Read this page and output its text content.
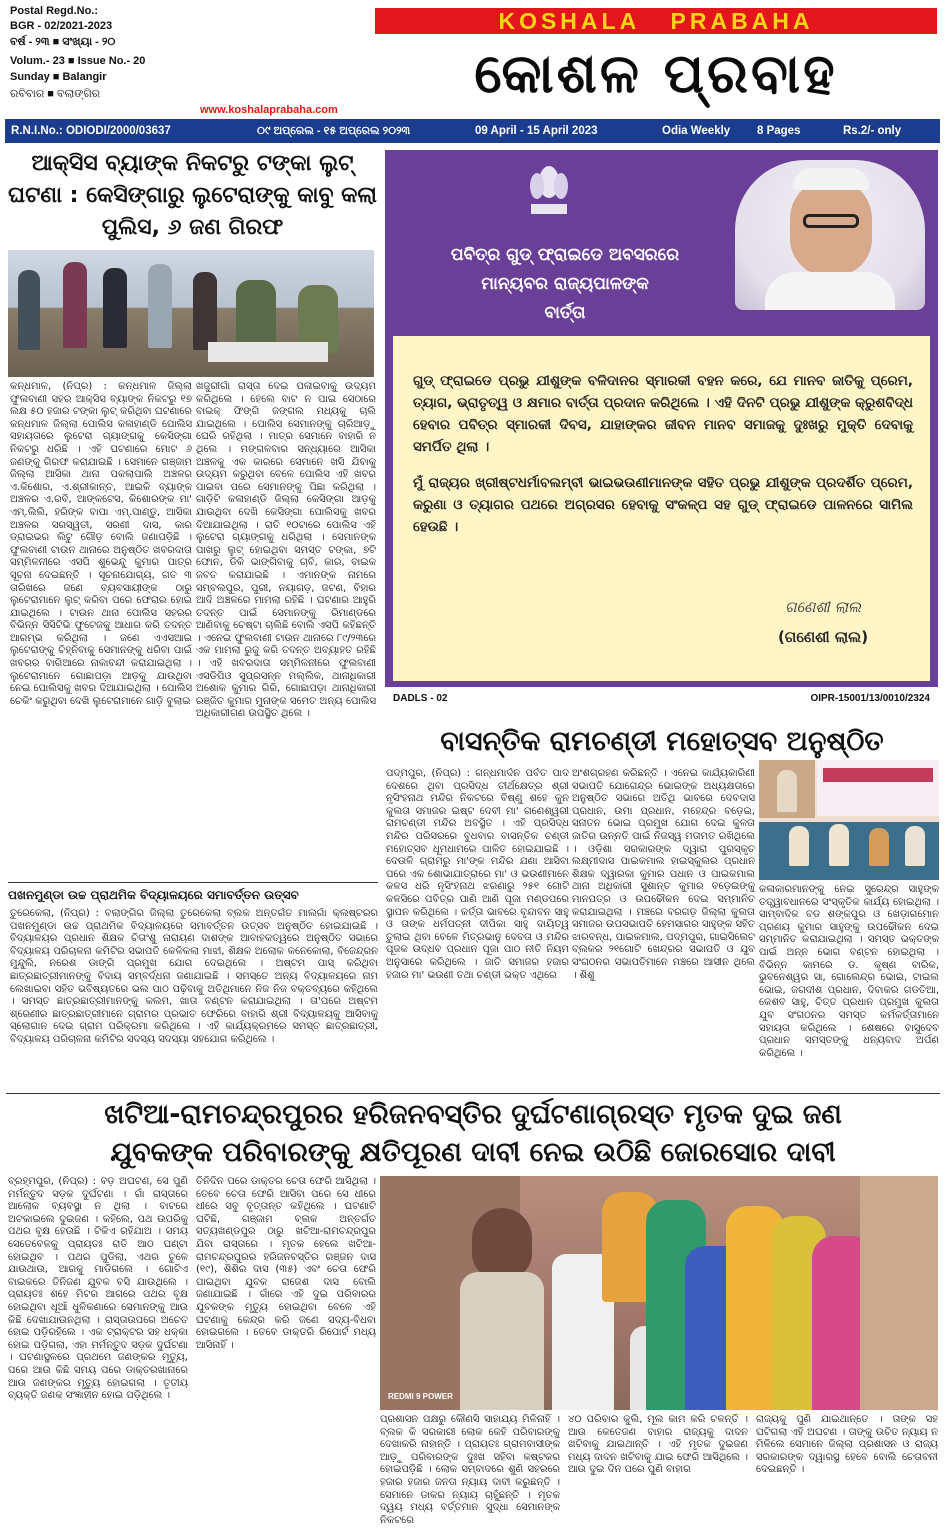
Postal Regd.No.:
BGR - 02/2021-2023
ବର୍ଷ - ୨୩ ■ ସଂଖ୍ୟା - ୨୦
Volum.- 23 ■ Issue No.- 20
Sunday ■ Balangir
ରବିବାର ■ ବଲାଙ୍ଗିର
www.koshalaprabaha.com
KOSHALA   PRABAHA
କୋଶଳ ପ୍ରବାହ
R.N.I.No.: ODIODI/2000/03637	୦୯ ଅପ୍ରେଲ - ୧୫ ଅପ୍ରେଲ ୨୦୨୩	09 April - 15 April 2023	Odia Weekly 8 Pages	Rs.2/- only
ଆକ୍ସିସ ବ୍ୟାଙ୍କ ନିକଟରୁ ଟଙ୍କା ଲୁଟ୍ ଘଟଣା : କେସିଙ୍ଗାରୁ ଲୁଟେରାଙ୍କୁ କାବୁ କଲା ପୁଲିସ, ୬ ଜଣ ଗିରଫ
କନ୍ଧମାଳ, (ନିପ୍ର) : କନ୍ଧମାଳ ଜିଲ୍ଲା ଫୁଲବାଣୀ ସହର ଆକ୍ସିସ ବ୍ୟାଙ୍କ ନିକଟରୁ ୧୭ ଲକ୍ଷ ୫୦ ହଜାର ଟଙ୍କା ଲୁଟ୍ କରିଥିବା ଘଟଣାରେ କନ୍ଧମାଳ ଜିଲ୍ଲା ପୋଲିସ କଳାହାଣ୍ଡି ପୋଲିସ ସହାୟତାରେ ଲୁଟେରା ଗ୍ୟାଙ୍ଗକୁ କେସିଙ୍ଗା ନିକଟରୁ ଧରିଛି । ଏହି ଘଟଣାରେ ମୋଟ ୬ ଜଣଙ୍କୁ ଗିରଫ କରାଯାଇଛି । ସେମାନେ ଗଞ୍ଜାମ ଜିଲ୍ଲା ଆସିକା ଥାନା ପକଲାପାଲି ଅଞ୍ଚଳର ଏ.କିଶୋର, ଏ.ଶ୍ରୀକାନ୍ତ, ଆଇକି ବ୍ୟାଙ୍କ ଅଞ୍ଚଳର ଏ.ରବି, ଆଙ୍କଟେସ, କିଶୋରଙ୍କ ମା' ଏମ୍.ଲିଲି, ହରିଙ୍କ ବାପା ଏମ୍.ପାଣ୍ଡୁ, ଆସିକା ଅଞ୍ଚଳର ସରସ୍ୱତୀ, ସରଣୀ ଦାସ, କାର ଡ୍ରାଇଭର ଲିଟୁ ଗୌଡ଼ ବୋଲି ଜଣାପଡ଼ିଛି । ଫୁଲବାଣୀ ଟାଉନ ଥାନାରେ ଅନୁଷ୍ଠିତ ଖବରଦାତା ସମ୍ମିଳନୀରେ ଏସପି ଶୁଭେନ୍ଦୁ କୁମାର ପାତ୍ର ସୂଚନା ଦେଇଛନ୍ତି । ସୂଚନାଯୋଗ୍ୟ, ଗତ ୩ ତାରିଖରେ ଜଣେ ବ୍ୟବସାୟୀଙ୍କ ଠାରୁ ଲୁଟେରାମାନେ ଲୁଟ୍ କରିବା ପରେ ଫେରାର ହୋଇ ଯାଇଥିଲେ । ଟାଉନ ଥାନା ପୋଲିସ ସହରର ବିଭିନ୍ନ ସିସିଟିଭି ଫୁଟେଜକୁ ଆଧାର କରି ତଦନ୍ତ ଆରମ୍ଭ କରିଥିଲା । ଜଣେ ଏଏସଆଇ ଲୁଟେରାଙ୍କୁ ଚିହ୍ନିବାକୁ ସେମାନଙ୍କୁ ଧରିବା ପାଇଁ ଖବରର ବାଗିଆରେ ନାକାବନ୍ଦୀ କରାଯାଇଥିଲା । ଲୁଟେରାମାନେ ଗୋଛାପଡ଼ା ଆଡ଼କୁ ଯାଉଥିବା ନେଇ ପୋଲିସକୁ ଖବର ଦିଆଯାଇଥିଲା । ପୋଲିସ ଚେକିଂ କରୁଥିବା ଦେଖି ଲୁଟେରାମାନେ ଗାଡ଼ି ବୁଲାଇ
ଖଜୁରୀଗାଁ ରାସ୍ତା ଦେଇ ପଳାଇବାକୁ ଉଦ୍ୟମ କରିଥିଲେ । ହେଲେ ବାଟ ନ ପାଇ ସେଠାରେ ବାଇକ୍ ଫିଙ୍ଗି ଜଙ୍ଗଲ ମଧ୍ୟକୁ ଚାଲି ଯାଇଥିଲେ । ପୋଲିସ ସେମାନଙ୍କୁ ଚାରିଆଡ଼ୁ ଘେରି ରହିଥିଲା । ମାତ୍ର ସେମାନେ ବାହାରି ନ ଥିଲେ । ମଙ୍ଗଳବାର ସନ୍ଧ୍ୟାରେ ଆସିକା ଅଞ୍ଚଳକୁ ଏକ କାରରେ ସେମାନେ ଖସି ଯିବାକୁ ଉଦ୍ୟମ କରୁଥିବା ବେଳେ ପୋଲିସ ଏହି ଖବର ପାଇବା ପରେ ସେମାନଙ୍କୁ ପିଛା କରିଥିଲା । ଗାଡ଼ିଟି କଳାହାଣ୍ଡି ଜିଲ୍ଲା କେସିଙ୍ଗା ଆଡ଼କୁ ଯାଉଥିବା ଦେଖି କେସିଙ୍ଗା ପୋଲିସକୁ ଖବର ଦିଆଯାଇଥିଲା । ରାତି ୧୦ଟାରେ ପୋଲିସ ଏହି ଲୁଟେରା ଗ୍ୟାଙ୍ଗକୁ ଧରିଥିଲା । ସେମାନଙ୍କ ପାଖରୁ ଲୁଟ୍ ହୋଇଥିବା ସମସ୍ତ ଟଙ୍କା, ୭ଟି ଫୋନ, ଡିକି ଭାଙ୍ଗିବାକୁ ଚାବି, କାର, ବାଇକ ଜବତ କରାଯାଇଛି । ଏମାନଙ୍କ ନାମରେ ସମ୍ବଲପୁର, ପୁରୀ, ନୟାଗଡ଼, ଜଟଣ, ବିହାର ଆଦି ଅଞ୍ଚଳରେ ମାମଲା ରହିଛି । ଘଟଣାର ଆହୁରି ତଦନ୍ତ ପାଇଁ ସେମାନଙ୍କୁ ରିମାଣ୍ଡରେ ଆଣିବାକୁ ଚେଷ୍ଟା ଚାଲିଛି ବୋଲି ଏସପି କହିଛନ୍ତି । ଏନେଇ ଫୁଲବାଣୀ ଟାଉନ ଥାନାରେ ୮୯/୨୩ରେ ଏକ ମାମଲା ରୁଜୁ କରି ତଦନ୍ତ ଅବ୍ୟାହତ ରହିଛି । ଏହି ଖବରଦାତା ସମ୍ମିଳନୀରେ ଫୁଲବାଣୀ ଏସଡିପିଓ ସୁପ୍ରସନ୍ନ ମଲ୍ଲିକ, ଥାନାଧିକାରୀ ଅଶୋକ କୁମାର ଗିରି, ଗୋଛାପଡ଼ା ଥାନାଧିକାରୀ ରଞ୍ଜିତ କୁମାର ମୁନାଙ୍କ ସମେତ ଅନ୍ୟ ପୋଲିସ ଅଧିକାରୀଗଣ ଉପସ୍ଥିତ ଥିଲେ ।
ପବିତ୍ର ଗୁଡ୍ ଫ୍ରାଇଡେ ଅବସରରେ
ମାନ୍ୟବର ରାଜ୍ୟପାଳଙ୍କ
ବାର୍ତ୍ତା
ଗୁଡ୍ ଫ୍ରାଇଡେ ପ୍ରଭୁ ଯୀଶୁଙ୍କ ବଳିଦାନର ସ୍ମାରକୀ ବହନ କରେ, ଯେ ମାନବ ଜାତିକୁ ପ୍ରେମ, ତ୍ୟାଗ, ଭ୍ରାତୃତ୍ୱ ଓ କ୍ଷମାର ବାର୍ତ୍ତା ପ୍ରଦାନ କରିଥିଲେ । ଏହି ଦିନଟି ପ୍ରଭୁ ଯୀଶୁଙ୍କ କ୍ରୁଶବିଦ୍ଧ ହେବାର ପବିତ୍ର ସ୍ମାରକୀ ଦିବସ, ଯାହାଙ୍କର ଜୀବନ ମାନବ ସମାଜକୁ ଦୁଃଖରୁ ମୁକ୍ତି ଦେବାକୁ ସମର୍ପିତ ଥିଲା ।
ମୁଁ ରାଜ୍ୟର ଖ୍ରୀଷ୍ଟଧର୍ମାବଲମ୍ବୀ ଭାଇଭଉଣୀମାନଙ୍କ ସହିତ ପ୍ରଭୁ ଯୀଶୁଙ୍କ ପ୍ରଦର୍ଶିତ ପ୍ରେମ, କରୁଣା ଓ ତ୍ୟାଗର ପଥରେ ଅଗ୍ରସର ହେବାକୁ ସଂକଳ୍ପ ସହ ଗୁଡ୍ ଫ୍ରାଇଡେ ପାଳନରେ ସାମିଲ ହେଉଛି ।
ଗଣେଶୀ ଲାଲ
(ଗଣେଶୀ ଲାଲ)
DADLS - 02	OIPR-15001/13/0010/2324
ପଖନମୁଣ୍ଡା ଉଚ୍ଚ ପ୍ରାଥମିକ ବିଦ୍ୟାଳୟରେ ସମାବର୍ତ୍ତନ ଉତ୍ସବ
ତୁରେକେଲା, (ନିପ୍ର) : ବଲାଙ୍ଗିର ଜିଲ୍ଲା ତୁରେକେଲା ବ୍ଲକ ଅନ୍ତର୍ଗତ ମାଲଗାଁ କ୍ଲଷ୍ଟରର ପଖନମୁଣ୍ଡା ଉଚ୍ଚ ପ୍ରାଥମିକ ବିଦ୍ୟାଳୟରେ ସମାବର୍ତ୍ତନ ଉତ୍ସବ ଅନୁଷ୍ଠିତ ହୋଇଯାଇଛି । ବିଦ୍ୟାଳୟର ପ୍ରଧାନ ଶିକ୍ଷକ ଚିତାଂଶୁ ନାରାୟଣ ଦାଶଙ୍କ ଆବାହକତ୍ୱରେ ଅନୁଷ୍ଠିତ ସଭାରେ ବିଦ୍ୟାଳୟ ପରିଚାଳନା କମିଟିର ସଭାପତି କେଳିକଲା ମାଝୀ, ଶିକ୍ଷକ ଅଲୋକ କନେକୋଲା, ବିଜେନ୍ଦ୍ରନ ମୁନ୍ଦୁଲି, ନରେଶ ଡାଙ୍ଗି ପ୍ରମୁଖ ଯୋଗ ଦେଇଥିଲେ । ଅଷ୍ଟମ ପାସ୍ କରିଥିବା ଛାତ୍ରଛାତ୍ରୀମାନଙ୍କୁ ବିଦାୟ ସମ୍ବର୍ଦ୍ଧନା ଜଣାଯାଇଛି । ସମସ୍ତେ ଅନ୍ୟ ବିଦ୍ୟାଳୟରେ ନାମ ଲେଖାଇବା ସହିତ ଭବିଷ୍ୟତରେ ଭଲ ପାଠ ପଢ଼ିବାକୁ ଅତିଥିମାନେ ନିଜ ନିଜ ବକ୍ତବ୍ୟରେ କହିଥିଲେ । ସମସ୍ତ ଛାତ୍ରଛାତ୍ରୀମାନଙ୍କୁ କଲମ, ଖାତା ବଣ୍ଟନ କରାଯାଇଥିଲା । ତା'ପରେ ଅଷ୍ଟମ ଶ୍ରେଣୀର ଛାତ୍ରଛାତ୍ରୀମାନେ ଗ୍ରାମର ପ୍ରଭାତ ଫେରିରେ ବାହାରି ଶ୍ରୀ ବିଦ୍ୟାଳୟକୁ ଆସିବାକୁ ସ୍ଲୋଗାନ ଦେଇ ଗ୍ରାମ ପରିକ୍ରମା କରିଥିଲେ । ଏହି କାର୍ଯ୍ୟକ୍ରମରେ ସମସ୍ତ ଛାତ୍ରଛାତ୍ରୀ, ବିଦ୍ୟାଳୟ ପରିଚାଳନା କମିଟିର ସଦସ୍ୟ ସଦସ୍ୟା ସହଯୋଗ କରିଥିଲେ ।
ବାସନ୍ତିକ ରାମଚଣ୍ଡୀ ମହୋତ୍ସବ ଅନୁଷ୍ଠିତ
ପଦ୍ମପୁର, (ନିପ୍ର) : ଗନ୍ଧମାର୍ଦନ ପର୍ବତ ପାଦ ଦେଶରେ ଥିବା ପ୍ରସିଦ୍ଧ ତୀର୍ଥକ୍ଷେତ୍ର ଶ୍ରୀ ନୃସିଂହନାଥ ମନ୍ଦିର ନିକଟରେ ବିଷ୍ଣୁ ଶହେ କୁନ କୁଲତା ସମାଜର ଇଷ୍ଟ ଦେବୀ ମା' ଗଣେଶ୍ୱରୀ ରାମଚଣ୍ଡୀ ମନ୍ଦିର ଅବସ୍ଥିତ । ଏହି ପ୍ରସିଦ୍ଧ ମନ୍ଦିର ପରିସରରେ ବୁଧବାର ବାସନ୍ତିକ ଚଣ୍ଡୀ ମହୋତ୍ସବ ଧୂମଧାମରେ ପାଳିତ ହୋଇଯାଇଛି । ଦେଉଳି ଗ୍ରାମରୁ ମା'ଙ୍କ ମନ୍ଦିର ଯଣା ଆସିବା ପରେ ଏକ ଶୋଭାଯାତ୍ରାରେ ମା' ଓ ଭଉଣୀମାନେ କଳସ ଧରି ନୃସିଂହନାଥ ଝରଣାରୁ ୨୫୧ ଗୋଟି କଳସିରେ ପବିତ୍ର ପାଣି ଆଣି ପୂଜା ମଣ୍ଡପରେ ସ୍ଥାପନ କରିଥିଲେ । କର୍ତ୍ତା ଭାବରେ ବୃନ୍ଦାବନ ସାହୁ ଓ ତାଙ୍କ ଧର୍ମପତ୍ନୀ ଦୀପିକା ସାହୁ ଦାୟିତ୍ୱ ତୁଲାଇ ଥିବା ବେଳେ ମିତ୍ରଭାନୁ ଦେବତା ଓ ମନ୍ଦିର ପୂଜକ ଉଦ୍ଧବ ପ୍ରଧାନ ପୂଜା ପାଠ ନୀତି ନିୟମ ଅନୁସାରେ କରିଥିଲେ । ଜାତି ସମାଜର ହଜାର ହଜାର ମା' ଭଉଣୀ ତଥା ଚଣ୍ଡୀ ଭକ୍ତ ଏଥିରେ
ଅଂଶଗ୍ରହଣ କରିଛନ୍ତି । ଏନେଇ କାର୍ଯ୍ୟକାରିଣୀ ସଭାପତି ଯୋଗେନ୍ଦ୍ର ଭୋଇଙ୍କ ଅଧ୍ୟକ୍ଷତାରେ ଅନୁଷ୍ଠିତ ସଭାରେ ଅତିଥି ଭାବରେ ଦେବଦାସ ପ୍ରଧାନ, ଉମା ପ୍ରଧାନ, ମହେନ୍ଦ୍ର ବଡ଼େଇ, ସନାତନ ଭୋଇ ପ୍ରମୁଖ ଯୋଗ ଦେଇ କୁଳତା ଜାତିର ଉନ୍ନତି ପାଇଁ ନିଜସ୍ୱ ମତାମତ ରଖିଥିଲେ । ଓଡ଼ିଶା ସରକାରଙ୍କ ଦ୍ୱାରା ପୁରସ୍କୃତ ଲକ୍ଷ୍ମୀଦାସ ପାଇକମାଲ ହାଇସ୍କୁଲର ପ୍ରଧାନ ଶିକ୍ଷକ ଦ୍ୱାରକା କୁମାର ପଧାନ ଓ ପାଇକମାଲ ଥାନା ଅଧିକାରୀ ସୁଶାନ୍ତ କୁମାର ବଡ଼େଇଙ୍କୁ ମାନପତ୍ର ଓ ଉପଢୌକନ ଦେଇ ସମ୍ମାନିତ କରାଯାଇଥିଲା । ମଞ୍ଚରେ ବରଗଡ଼ ଜିଲ୍ଲା କୁଲତା ସମାଜର ଉପସଭାପତି ହେମସାଗର ସାହୁଙ୍କ ସହିତ ଝାରବନ୍ଧ, ପାଇକମାଲ, ପଦ୍ମପୁର, ଗାଇସିଲେଟ ବ୍ଲକର ୨୧ଗୋଟି ଖେନ୍ଦ୍ରର ସଭାପତି ଓ ଯୁବ ସଂଗଠନର ସଭାପତିମାନେ ମଞ୍ଚରେ ଆସୀନ ଥିଲେ । ଶିଶୁ
କଳାକାରମାନଙ୍କୁ ନେଇ ସୁରେନ୍ଦ୍ର ସାହୁଙ୍କ ତତ୍ତ୍ୱାବଧାନରେ ସଂସ୍କୃତିକ କାର୍ଯ୍ୟ ହୋଇଥିଲା । ସାମ୍ବାଦିକ ବଡ ଶଙ୍କପୁର ଓ ଖେଡ଼ାଗମୋନ ପ୍ରଣୟ କୁମାର ସାହୁଙ୍କୁ ଉପଢୌକନ ଦେଇ ସମ୍ମାନିତ କରାଯାଇଥିଲା । ସମସ୍ତ ଭକ୍ତଙ୍କ ପାଇଁ ଅନ୍ନ ଭୋଗ ବଣ୍ଟନ ହୋଇଥିଲା । ବିଭିନ୍ନ କାମରେ ଡ. କୃଷ୍ଣ ବାରିକ, ଭୁବନେଶ୍ୱର ସା, ଗୋଲେନ୍ଦ୍ର ଭୋଇ, ଟାଇଲ ଭୋଇ, ଜଗଦୀଶ ପ୍ରଧାନ, ଦିବାକର ଗଡତିଆ, କେଶବ ସାହୁ, ଚିତ୍ତ ପ୍ରଧାନ ପ୍ରମୁଖ କୁଲତା ଯୁବ ସଂଗଠନର ସମସ୍ତ କର୍ମକର୍ତ୍ତାମାନେ ସହାୟତା କରିଥିଲେ । ଶେଷରେ ବାସୁଦେବ ପ୍ରଧାନ ସମସ୍ତଙ୍କୁ ଧନ୍ୟବାଦ ଅର୍ପଣ କରିଥିଲେ ।
ଖଟିଆ-ରାମଚନ୍ଦ୍ରପୁରର ହରିଜନବସ୍ତିର ଦୁର୍ଘଟଣାଗ୍ରସ୍ତ ମୃତକ ଦୁଇ ଜଣ
ଯୁବକଙ୍କ ପରିବାରଙ୍କୁ କ୍ଷତିପୂରଣ ଦାବୀ ନେଇ ଉଠିଛି ଜୋରସୋର ଦାବୀ
ବ୍ରହ୍ମପୁର, (ନିପ୍ର) : ବଡ଼ ଅଘଟଣ, ସେ ପୁଣି ମର୍ମନ୍ତୁଦ ସଡ଼କ ଦୁର୍ଘଟଣା । ଗାଁ ରାସ୍ତାରେ ଆଲୋକ ବ୍ୟବସ୍ଥା ନ ଥିଲା । ବାଟରେ ଅଟକାଇଲେ ଦୁଇଜଣ । କହିଲେ, ପଥ ଉପରିକୁ ପଥର ବୃକ୍ଷ ହେଉଛି । ଟିକିଏ ରହିଯାଅ । ସମୟ ସେତେବେଳକୁ ପ୍ରାୟତଃ ରାତି ଆଠ ଘଣ୍ଟା ହୋଇଥିବ । ପଥର ପୁଡିଲା, ଏଥର ଚୁଳେ ଯାଉଥାଉ, ଆରକୁ ମାଡିଗଲେ । ଗୋଟିଏ ବାଇକରେ ତିନିଜଣ ଯୁବକ ବସି ଯାଉଥିଲେ । ପ୍ରାୟତଃ ଶହେ ମିଟର ଆଗରେ ପଥର ବୃକ୍ଷ ହୋଇଥିବା ଧୂଆଁ ଧୁଳିକଣାରେ ସେମାନଙ୍କୁ ଆଉ କିଛି ଦେଖାଯାଉନଥିଲା । ରାସ୍ତାଉପରେ ଅଚେତ ହୋଇ ପଡ଼ିରହିଲେ । ଏକ ଟ୍ରାକ୍ଟର ସହ ଧକ୍କା ହୋଇ ପଡ଼ିଗଲା, ଏହା ମର୍ମନ୍ତୁଦ ସଡ଼କ ଦୁର୍ଘଟଣା । ଘଟଣାସ୍ଥଳରେ ପ୍ରଥମେ ଜଣଙ୍କର ମୃତ୍ୟୁ, ପରେ ଆଉ କିଛି ସମୟ ପରେ ଡାକ୍ତରଖାନାରେ ଆଉ ଜଣଙ୍କର ମୃତ୍ୟୁ ହୋଇଗଲା । ତୃତୀୟ ବ୍ୟକ୍ତି ଜଣକ ସଂଜ୍ଞାହୀନ ହୋଇ ପଡ଼ିଥିଲେ ।
ତିନିଦିନ ପରେ ଡାକ୍ତର ଚେତା ଫେରି ଆସିଥିଲା । ତେବେ ଚେତା ଫେରି ଆସିବା ପରେ ସେ ଧୀରେ ଧୀରେ ସବୁ ବୃତ୍ତାନ୍ତ କହିଥିଲେ । ଘଟଣାଟି ଘଟିଛି, ଗଞ୍ଜାମ ବ୍ଲକ ଅନ୍ତର୍ଗତ ସତ୍ୟଖଣ୍ଡପୁର ଠାରୁ ଖଟିଆ-ରାମଚନ୍ଦ୍ରପୁର ଯିବା ରାସ୍ତାରେ । ମୃତକ ହେଲେ ଖଟିଆ-ରାମଚନ୍ଦ୍ରପୁରର ହରିଜନବସ୍ତିର ରଞ୍ଜନ ଦାସ (୧୯), ଶିଶିର ଦାସ (୩୫) ଏବଂ ଚେତା ଫେରି ପାଇଥିବା ଯୁବକ ରାଜେଶ ଦାସ ବୋଲି ଜଣାଯାଇଛି । ଗାଁରେ ଏହି ଦୁଇ ପରିବାରର ଯୁବକଙ୍କ ମୃତ୍ୟୁ ହୋଇଥିବା ବେଳେ ଏହି ଘଟଣାକୁ କେନ୍ଦ୍ର କରି ଜଣେ ସଦ୍ୟ-ବିଧବା ହୋଇଗଲେ । ତେବେ ଡାକ୍ତରି ରିପୋର୍ଟ ମଧ୍ୟ ଆସିନାହିଁ ।
REDMI 9 POWER
ପ୍ରଶାସନ ପକ୍ଷରୁ କୌଣସି ସାହାଯ୍ୟ ମିଳିନାହିଁ । ବ୍ଲକ କି ସରକାରୀ ଲୋକ କେହି ପରିବାରଙ୍କୁ ଦେଖାକରି ନାହାନ୍ତି । ପ୍ରାୟତଃ ଗ୍ରାମବାସୀଙ୍କ ଆଡ଼ୁ ପରିବାରଙ୍କ ଦୁଃଖ ସହିବା କଷ୍ଟକର ହୋଇପଡ଼ିଛି । ଲୋକ ସମ୍ବାଦରେ ଶୁଣି ସହରରେ ହଜାର ହଜାର ଜନତା ନ୍ୟାୟ ଦାବୀ କରୁଛନ୍ତି । ସେମାନେ ଡାକର ନ୍ୟାୟ ଚାହୁଁଛନ୍ତି । ମୃତକ ଦ୍ୱୟ ମଧ୍ୟ ବର୍ତ୍ତମାନ ସୁଦ୍ଧା ସେମାନଙ୍କ ନିକଟରେ
୪୦ ପରିବାର କୁଲି, ମୂଲ କାମ କରି ଚଳନ୍ତି । ଆଉ କେତେଜଣ ବାହାର ରାଜ୍ୟକୁ ଦାଦନ ଖଟିବାକୁ ଯାଇଥାନ୍ତି । ଏହି ମୃତକ ଦୁଇଜଣ ମଧ୍ୟ ଦାଦନ ଖଟିବାକୁ ଯାଇ ଫେରି ଆସିଥିଲେ । ଆଉ ଦୁଇ ଦିନ ପରେ ପୁଣି ବାହାର
ରାଜ୍ୟକୁ ପୁଣି ଯାଇଥାନ୍ତେ । ତାଙ୍କ ସହ ଘଟିଗଲା ଏହି ଅଘଟଣ । ତାଙ୍କୁ ଉଚିତ ନ୍ୟାୟ ନ ମିଳିଲେ ସେମାନେ ଜିଲ୍ଲା ପ୍ରଶାସନ ଓ ରାଜ୍ୟ ସରକାରଙ୍କ ଦ୍ୱାରସ୍ଥ ହେବେ ବୋଲି ଚେତାବନୀ ଦେଇଛନ୍ତି ।
